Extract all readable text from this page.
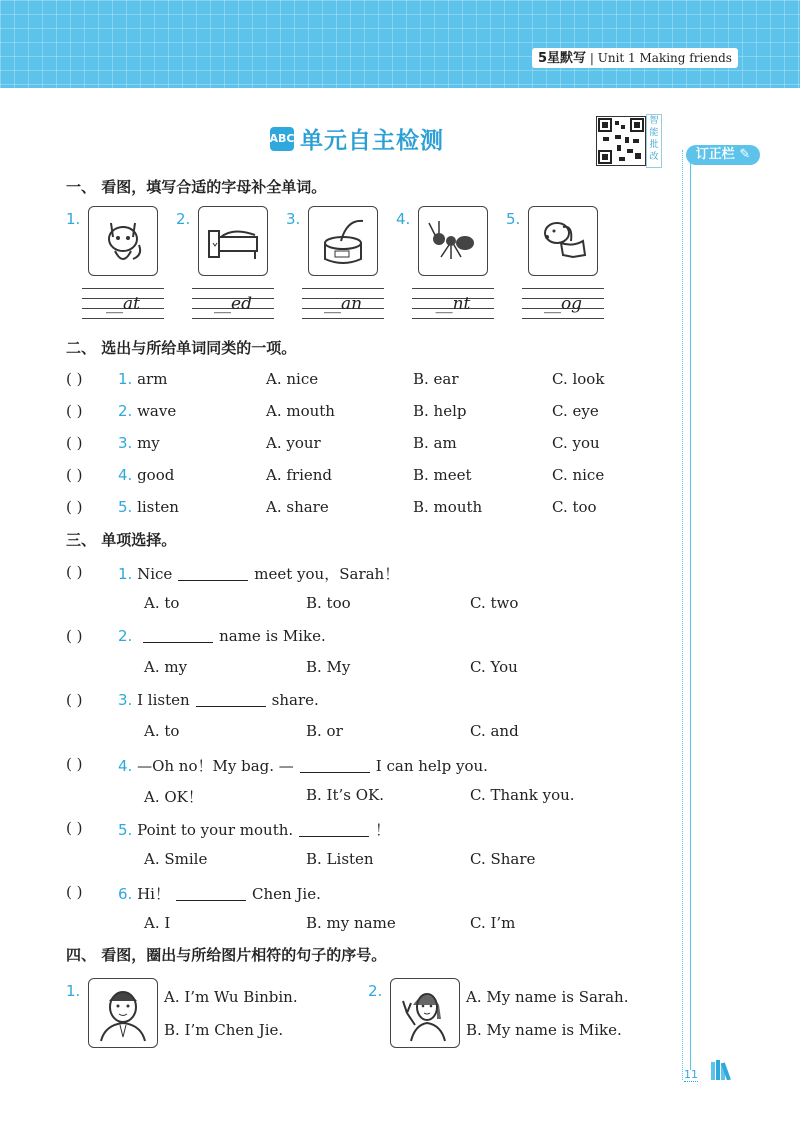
5星默写 | Unit 1 Making friends
ABC 单元自主检测
智能批改	订正栏 ✎
一、 看图，填写合适的字母补全单词。
1.
__at
2.
__ed
3.
__an
4.
__nt
5.
__og
二、 选出与所给单词同类的一项。
( ) 1. arm	A. nice	B. ear	C. look
( ) 2. wave	A. mouth	B. help	C. eye
( ) 3. my	A. your	B. am	C. you
( ) 4. good	A. friend	B. meet	C. nice
( ) 5. listen	A. share	B. mouth	C. too
三、 单项选择。
( ) 1. Nice	meet you，Sarah！
A. to	B. too	C. two
( ) 2.	name is Mike.
A. my	B. My	C. You
( ) 3. I listen	share.
A. to	B. or	C. and
( ) 4. —Oh no！My bag. —	I can help you.
A. OK！	B. It’s OK.	C. Thank you.
( ) 5. Point to your mouth.	！
A. Smile	B. Listen	C. Share
( ) 6. Hi！	Chen Jie.
A. I	B. my name	C. I’m
四、 看图，圈出与所给图片相符的句子的序号。
1.	A. I’m Wu Binbin.
B. I’m Chen Jie.
2.	A. My name is Sarah.
B. My name is Mike.
11
